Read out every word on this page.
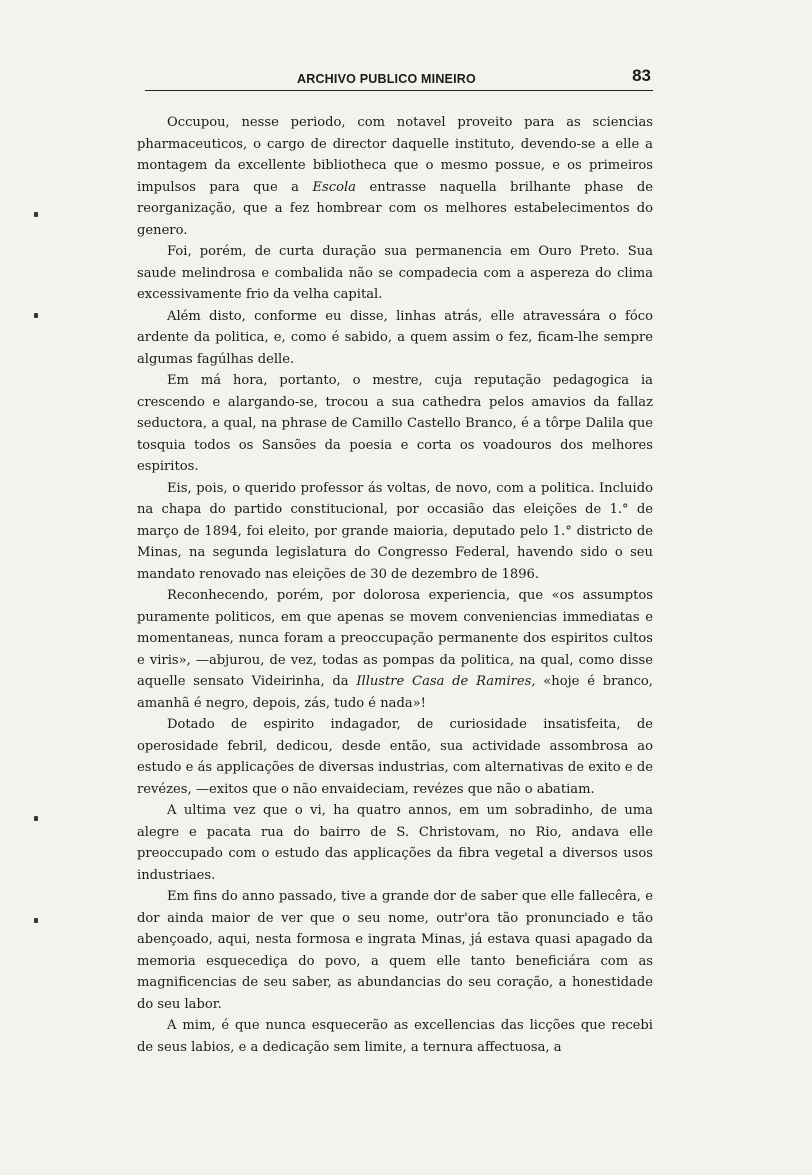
ARCHIVO PUBLICO MINEIRO	83

Occupou, nesse periodo, com notavel proveito para as sciencias pharmaceuticos, o cargo de director daquelle instituto, devendo-se a elle a montagem da excellente bibliotheca que o mesmo possue, e os primeiros impulsos para que a Escola entrasse naquella brilhante phase de reorganização, que a fez hombrear com os melhores estabelecimentos do genero.

Foi, porém, de curta duração sua permanencia em Ouro Preto. Sua saude melindrosa e combalida não se compadecia com a aspereza do clima excessivamente frio da velha capital.

Além disto, conforme eu disse, linhas atrás, elle atravessára o fóco ardente da politica, e, como é sabido, a quem assim o fez, ficam-lhe sempre algumas fagúlhas delle.

Em má hora, portanto, o mestre, cuja reputação pedagogica ia crescendo e alargando-se, trocou a sua cathedra pelos amavios da fallaz seductora, a qual, na phrase de Camillo Castello Branco, é a tôrpe Dalila que tosquia todos os Sansões da poesia e corta os voadouros dos melhores espiritos.

Eis, pois, o querido professor ás voltas, de novo, com a politica. Incluido na chapa do partido constitucional, por occasião das eleições de 1.° de março de 1894, foi eleito, por grande maioria, deputado pelo 1.° districto de Minas, na segunda legislatura do Congresso Federal, havendo sido o seu mandato renovado nas eleições de 30 de dezembro de 1896.

Reconhecendo, porém, por dolorosa experiencia, que «os assumptos puramente politicos, em que apenas se movem conveniencias immediatas e momentaneas, nunca foram a preoccupação permanente dos espiritos cultos e viris», —abjurou, de vez, todas as pompas da politica, na qual, como disse aquelle sensato Videirinha, da Illustre Casa de Ramires, «hoje é branco, amanhã é negro, depois, zás, tudo é nada»!

Dotado de espirito indagador, de curiosidade insatisfeita, de operosidade febril, dedicou, desde então, sua actividade assombrosa ao estudo e ás applicações de diversas industrias, com alternativas de exito e de revézes, —exitos que o não envaideciam, revézes que não o abatiam.

A ultima vez que o vi, ha quatro annos, em um sobradinho, de uma alegre e pacata rua do bairro de S. Christovam, no Rio, andava elle preoccupado com o estudo das applicações da fibra vegetal a diversos usos industriaes.

Em fins do anno passado, tive a grande dor de saber que elle fallecêra, e dor ainda maior de ver que o seu nome, outr'ora tão pronunciado e tão abençoado, aqui, nesta formosa e ingrata Minas, já estava quasi apagado da memoria esquecediça do povo, a quem elle tanto beneficiára com as magnificencias de seu saber, as abundancias do seu coração, a honestidade do seu labor.

A mim, é que nunca esquecerão as excellencias das licções que recebi de seus labios, e a dedicação sem limite, a ternura affectuosa, a
